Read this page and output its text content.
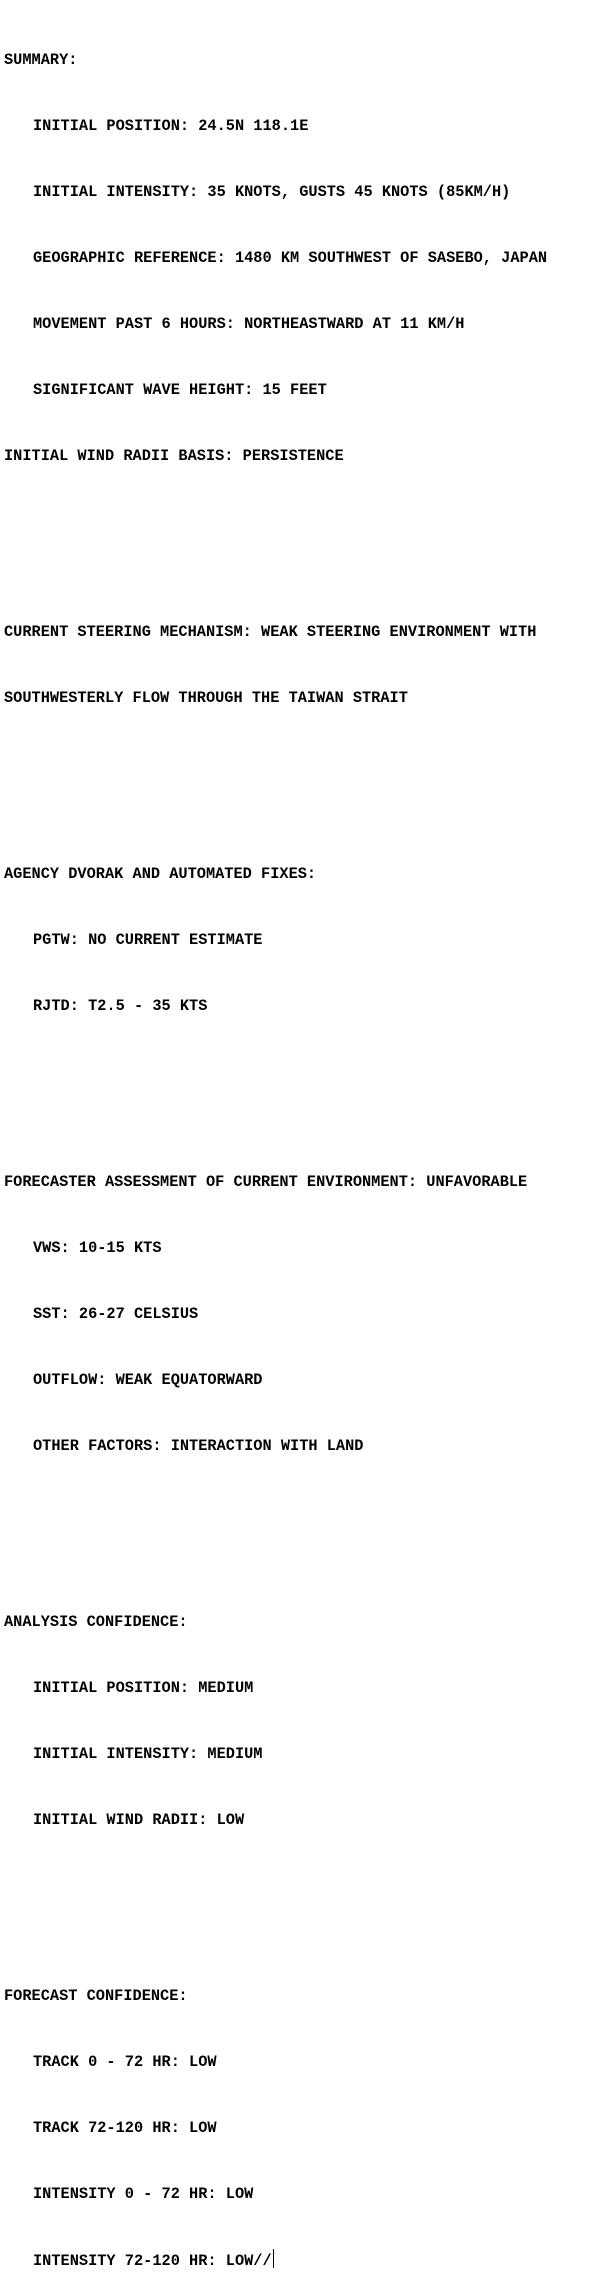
SUMMARY:

INITIAL POSITION: 24.5N 118.1E

INITIAL INTENSITY: 35 KNOTS, GUSTS 45 KNOTS (85KM/H)

GEOGRAPHIC REFERENCE: 1480 KM SOUTHWEST OF SASEBO, JAPAN

MOVEMENT PAST 6 HOURS: NORTHEASTWARD AT 11 KM/H

SIGNIFICANT WAVE HEIGHT: 15 FEET

INITIAL WIND RADII BASIS: PERSISTENCE

CURRENT STEERING MECHANISM: WEAK STEERING ENVIRONMENT WITH

SOUTHWESTERLY FLOW THROUGH THE TAIWAN STRAIT

AGENCY DVORAK AND AUTOMATED FIXES:

PGTW: NO CURRENT ESTIMATE

RJTD: T2.5 - 35 KTS

FORECASTER ASSESSMENT OF CURRENT ENVIRONMENT: UNFAVORABLE

VWS: 10-15 KTS

SST: 26-27 CELSIUS

OUTFLOW: WEAK EQUATORWARD

OTHER FACTORS: INTERACTION WITH LAND

ANALYSIS CONFIDENCE:

INITIAL POSITION: MEDIUM

INITIAL INTENSITY: MEDIUM

INITIAL WIND RADII: LOW

FORECAST CONFIDENCE:

TRACK 0 - 72 HR: LOW

TRACK 72-120 HR: LOW

INTENSITY 0 - 72 HR: LOW

INTENSITY 72-120 HR: LOW//
